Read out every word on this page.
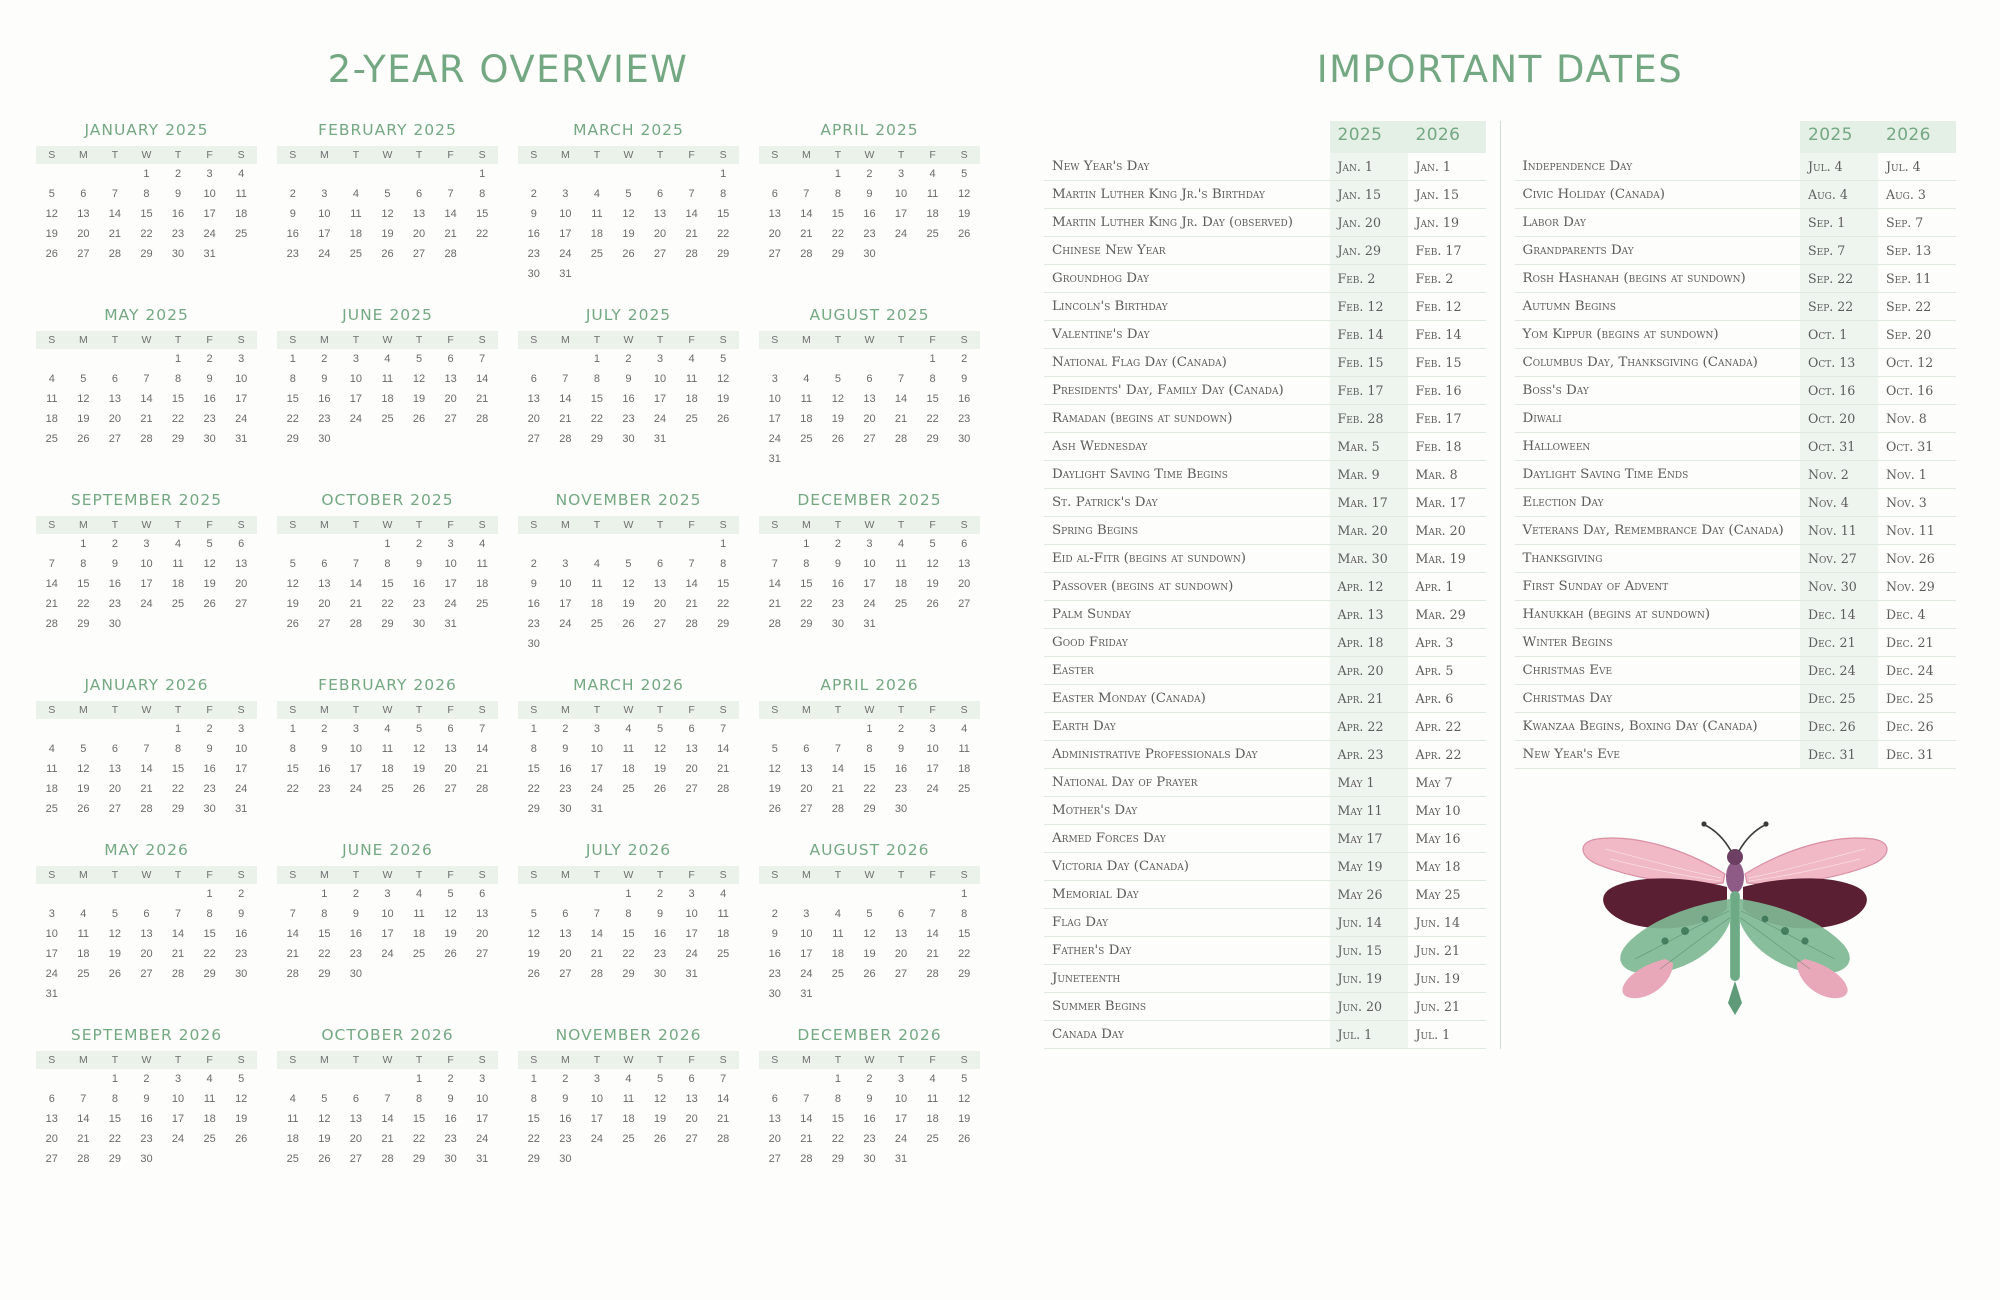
2-YEAR OVERVIEW
JANUARY 2025
S	M	T	W	T	F	S
			1	2	3	4
5	6	7	8	9	10	11
12	13	14	15	16	17	18
19	20	21	22	23	24	25
26	27	28	29	30	31	
FEBRUARY 2025
S	M	T	W	T	F	S
						1
2	3	4	5	6	7	8
9	10	11	12	13	14	15
16	17	18	19	20	21	22
23	24	25	26	27	28	
MARCH 2025
S	M	T	W	T	F	S
						1
2	3	4	5	6	7	8
9	10	11	12	13	14	15
16	17	18	19	20	21	22
23	24	25	26	27	28	29
30	31					
APRIL 2025
S	M	T	W	T	F	S
		1	2	3	4	5
6	7	8	9	10	11	12
13	14	15	16	17	18	19
20	21	22	23	24	25	26
27	28	29	30			
MAY 2025
S	M	T	W	T	F	S
				1	2	3
4	5	6	7	8	9	10
11	12	13	14	15	16	17
18	19	20	21	22	23	24
25	26	27	28	29	30	31
JUNE 2025
S	M	T	W	T	F	S
1	2	3	4	5	6	7
8	9	10	11	12	13	14
15	16	17	18	19	20	21
22	23	24	25	26	27	28
29	30					
JULY 2025
S	M	T	W	T	F	S
		1	2	3	4	5
6	7	8	9	10	11	12
13	14	15	16	17	18	19
20	21	22	23	24	25	26
27	28	29	30	31		
AUGUST 2025
S	M	T	W	T	F	S
					1	2
3	4	5	6	7	8	9
10	11	12	13	14	15	16
17	18	19	20	21	22	23
24	25	26	27	28	29	30
31						
SEPTEMBER 2025
S	M	T	W	T	F	S
	1	2	3	4	5	6
7	8	9	10	11	12	13
14	15	16	17	18	19	20
21	22	23	24	25	26	27
28	29	30				
OCTOBER 2025
S	M	T	W	T	F	S
			1	2	3	4
5	6	7	8	9	10	11
12	13	14	15	16	17	18
19	20	21	22	23	24	25
26	27	28	29	30	31	
NOVEMBER 2025
S	M	T	W	T	F	S
						1
2	3	4	5	6	7	8
9	10	11	12	13	14	15
16	17	18	19	20	21	22
23	24	25	26	27	28	29
30						
DECEMBER 2025
S	M	T	W	T	F	S
	1	2	3	4	5	6
7	8	9	10	11	12	13
14	15	16	17	18	19	20
21	22	23	24	25	26	27
28	29	30	31			
JANUARY 2026
S	M	T	W	T	F	S
				1	2	3
4	5	6	7	8	9	10
11	12	13	14	15	16	17
18	19	20	21	22	23	24
25	26	27	28	29	30	31
FEBRUARY 2026
S	M	T	W	T	F	S
1	2	3	4	5	6	7
8	9	10	11	12	13	14
15	16	17	18	19	20	21
22	23	24	25	26	27	28
MARCH 2026
S	M	T	W	T	F	S
1	2	3	4	5	6	7
8	9	10	11	12	13	14
15	16	17	18	19	20	21
22	23	24	25	26	27	28
29	30	31				
APRIL 2026
S	M	T	W	T	F	S
			1	2	3	4
5	6	7	8	9	10	11
12	13	14	15	16	17	18
19	20	21	22	23	24	25
26	27	28	29	30		
MAY 2026
S	M	T	W	T	F	S
					1	2
3	4	5	6	7	8	9
10	11	12	13	14	15	16
17	18	19	20	21	22	23
24	25	26	27	28	29	30
31						
JUNE 2026
S	M	T	W	T	F	S
	1	2	3	4	5	6
7	8	9	10	11	12	13
14	15	16	17	18	19	20
21	22	23	24	25	26	27
28	29	30				
JULY 2026
S	M	T	W	T	F	S
			1	2	3	4
5	6	7	8	9	10	11
12	13	14	15	16	17	18
19	20	21	22	23	24	25
26	27	28	29	30	31	
AUGUST 2026
S	M	T	W	T	F	S
						1
2	3	4	5	6	7	8
9	10	11	12	13	14	15
16	17	18	19	20	21	22
23	24	25	26	27	28	29
30	31					
SEPTEMBER 2026
S	M	T	W	T	F	S
		1	2	3	4	5
6	7	8	9	10	11	12
13	14	15	16	17	18	19
20	21	22	23	24	25	26
27	28	29	30			
OCTOBER 2026
S	M	T	W	T	F	S
				1	2	3
4	5	6	7	8	9	10
11	12	13	14	15	16	17
18	19	20	21	22	23	24
25	26	27	28	29	30	31
NOVEMBER 2026
S	M	T	W	T	F	S
1	2	3	4	5	6	7
8	9	10	11	12	13	14
15	16	17	18	19	20	21
22	23	24	25	26	27	28
29	30					
DECEMBER 2026
S	M	T	W	T	F	S
		1	2	3	4	5
6	7	8	9	10	11	12
13	14	15	16	17	18	19
20	21	22	23	24	25	26
27	28	29	30	31		
IMPORTANT DATES
	2025	2026
New Year's Day	Jan. 1	Jan. 1
Martin Luther King Jr.'s Birthday	Jan. 15	Jan. 15
Martin Luther King Jr. Day (observed)	Jan. 20	Jan. 19
Chinese New Year	Jan. 29	Feb. 17
Groundhog Day	Feb. 2	Feb. 2
Lincoln's Birthday	Feb. 12	Feb. 12
Valentine's Day	Feb. 14	Feb. 14
National Flag Day (Canada)	Feb. 15	Feb. 15
Presidents' Day, Family Day (Canada)	Feb. 17	Feb. 16
Ramadan (begins at sundown)	Feb. 28	Feb. 17
Ash Wednesday	Mar. 5	Feb. 18
Daylight Saving Time Begins	Mar. 9	Mar. 8
St. Patrick's Day	Mar. 17	Mar. 17
Spring Begins	Mar. 20	Mar. 20
Eid al-Fitr (begins at sundown)	Mar. 30	Mar. 19
Passover (begins at sundown)	Apr. 12	Apr. 1
Palm Sunday	Apr. 13	Mar. 29
Good Friday	Apr. 18	Apr. 3
Easter	Apr. 20	Apr. 5
Easter Monday (Canada)	Apr. 21	Apr. 6
Earth Day	Apr. 22	Apr. 22
Administrative Professionals Day	Apr. 23	Apr. 22
National Day of Prayer	May 1	May 7
Mother's Day	May 11	May 10
Armed Forces Day	May 17	May 16
Victoria Day (Canada)	May 19	May 18
Memorial Day	May 26	May 25
Flag Day	Jun. 14	Jun. 14
Father's Day	Jun. 15	Jun. 21
Juneteenth	Jun. 19	Jun. 19
Summer Begins	Jun. 20	Jun. 21
Canada Day	Jul. 1	Jul. 1
	2025	2026
Independence Day	Jul. 4	Jul. 4
Civic Holiday (Canada)	Aug. 4	Aug. 3
Labor Day	Sep. 1	Sep. 7
Grandparents Day	Sep. 7	Sep. 13
Rosh Hashanah (begins at sundown)	Sep. 22	Sep. 11
Autumn Begins	Sep. 22	Sep. 22
Yom Kippur (begins at sundown)	Oct. 1	Sep. 20
Columbus Day, Thanksgiving (Canada)	Oct. 13	Oct. 12
Boss's Day	Oct. 16	Oct. 16
Diwali	Oct. 20	Nov. 8
Halloween	Oct. 31	Oct. 31
Daylight Saving Time Ends	Nov. 2	Nov. 1
Election Day	Nov. 4	Nov. 3
Veterans Day, Remembrance Day (Canada)	Nov. 11	Nov. 11
Thanksgiving	Nov. 27	Nov. 26
First Sunday of Advent	Nov. 30	Nov. 29
Hanukkah (begins at sundown)	Dec. 14	Dec. 4
Winter Begins	Dec. 21	Dec. 21
Christmas Eve	Dec. 24	Dec. 24
Christmas Day	Dec. 25	Dec. 25
Kwanzaa Begins, Boxing Day (Canada)	Dec. 26	Dec. 26
New Year's Eve	Dec. 31	Dec. 31
